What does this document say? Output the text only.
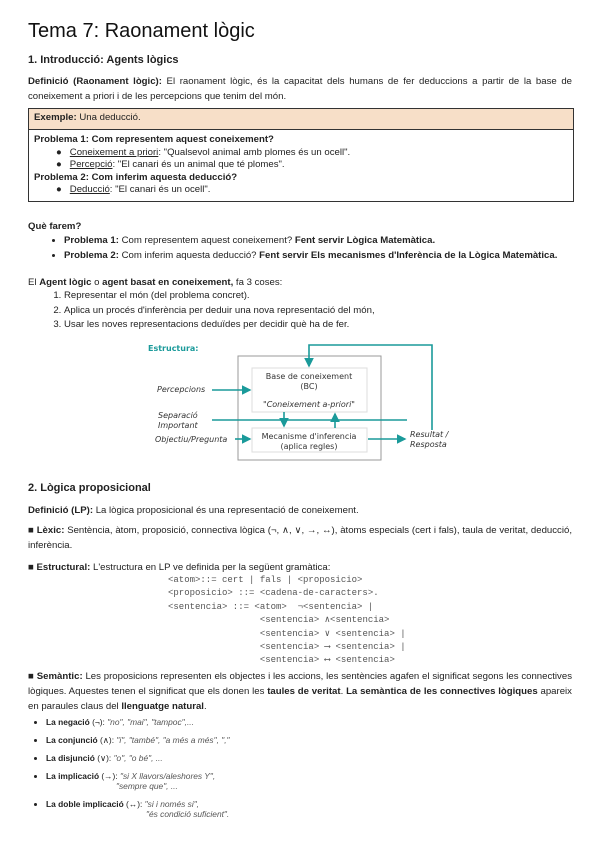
Tema 7: Raonament lògic
1. Introducció: Agents lògics
Definició (Raonament lògic): El raonament lògic, és la capacitat dels humans de fer deduccions a partir de la base de coneixement a priori i de les percepcions que tenim del món.
Exemple: Una deducció.
Problema 1: Com representem aquest coneixement?
●   Coneixement a priori: "Qualsevol animal amb plomes és un ocell".
●   Percepció: "El canari és un animal que té plomes".
Problema 2: Com inferim aquesta deducció?
●   Deducció: "El canari és un ocell".
Què farem?
• Problema 1: Com representem aquest coneixement? Fent servir Lògica Matemàtica.
• Problema 2: Com inferim aquesta deducció? Fent servir Els mecanismes d'Inferència de la Lògica Matemàtica.
El Agent lògic o agent basat en coneixement, fa 3 coses:
1. Representar el món (del problema concret).
2. Aplica un procés d'inferència per deduir una nova representació del món,
3. Usar les noves representacions deduïdes per decidir què ha de fer.
Estructura:
Base de coneixement
(BC)
"Coneixement a-priori"
Mecanisme d'inferencia
(aplica regles)
Percepcions
Separació
Important
Objectiu/Pregunta
Resultat /
Resposta
2. Lògica proposicional
Definició (LP): La lògica proposicional és una representació de coneixement.
■ Lèxic: Sentència, àtom, proposició, connectiva lògica (¬, ∧, ∨, →, ↔), àtoms especials (cert i fals), taula de veritat, deducció, inferència.
■ Estructural: L'estructura en LP ve definida per la següent gramàtica:
<atom>::= cert | fals | <proposicio>
<proposicio> ::= <cadena-de-caracters>.
<sentencia> ::= <atom>  ¬<sentencia> |
<sentencia> ∧<sentencia>
<sentencia> ∨ <sentencia> |
<sentencia> ⟶ <sentencia> |
<sentencia> ⟷ <sentencia>
■ Semàntic: Les proposicions representen els objectes i les accions, les sentències agafen el significat segons les connectives lògiques. Aquestes tenen el significat que els donen les taules de veritat. La semàntica de les connectives lògiques apareix en paraules claus del llenguatge natural.
• La negació (¬): "no", "mai", "tampoc",...
• La conjunció (∧): "i", "també", "a més a més", ","
• La disjunció (∨): "o", "o bé", ...
• La implicació (→): "si X llavors/aleshores Y",
"sempre que", ...
• La doble implicació (↔): "si i només si",
"és condició suficient".
